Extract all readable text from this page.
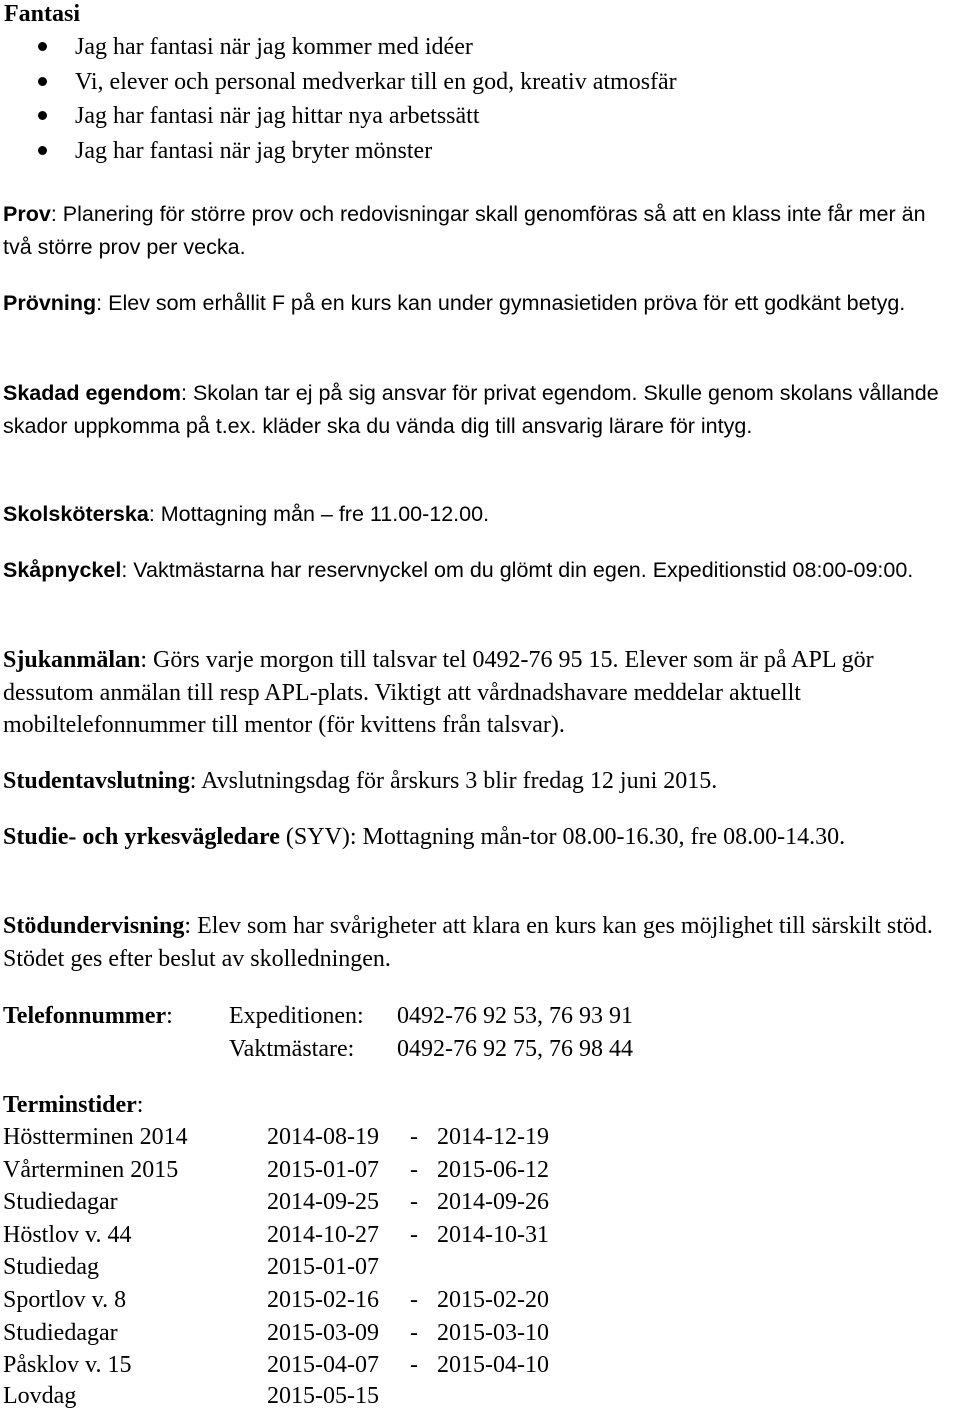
Fantasi
Jag har fantasi när jag kommer med idéer
Vi, elever och personal medverkar till en god, kreativ atmosfär
Jag har fantasi när jag hittar nya arbetssätt
Jag har fantasi när jag bryter mönster
Prov: Planering för större prov och redovisningar skall genomföras så att en klass inte får mer än två större prov per vecka.
Prövning: Elev som erhållit F på en kurs kan under gymnasietiden pröva för ett godkänt betyg.
Skadad egendom: Skolan tar ej på sig ansvar för privat egendom. Skulle genom skolans vållande skador uppkomma på t.ex. kläder ska du vända dig till ansvarig lärare för intyg.
Skolsköterska: Mottagning mån – fre 11.00-12.00.
Skåpnyckel: Vaktmästarna har reservnyckel om du glömt din egen. Expeditionstid 08:00-09:00.
Sjukanmälan: Görs varje morgon till talsvar tel 0492-76 95 15. Elever som är på APL gör dessutom anmälan till resp APL-plats. Viktigt att vårdnadshavare meddelar aktuellt mobiltelefonnummer till mentor (för kvittens från talsvar).
Studentavslutning: Avslutningsdag för årskurs 3 blir fredag 12 juni 2015.
Studie- och yrkesvägledare (SYV): Mottagning mån-tor 08.00-16.30, fre 08.00-14.30.
Stödundervisning: Elev som har svårigheter att klara en kurs kan ges möjlighet till särskilt stöd. Stödet ges efter beslut av skolledningen.
Telefonnummer: Expeditionen: 0492-76 92 53, 76 93 91
Vaktmästare: 0492-76 92 75, 76 98 44
Terminstider:
Höstterminen 2014	2014-08-19 - 2014-12-19
Vårterminen 2015	2015-01-07 - 2015-06-12
Studiedagar	2014-09-25 - 2014-09-26
Höstlov v. 44	2014-10-27 - 2014-10-31
Studiedag	2015-01-07
Sportlov v. 8	2015-02-16 - 2015-02-20
Studiedagar	2015-03-09 - 2015-03-10
Påsklov v. 15	2015-04-07 - 2015-04-10
Lovdag	2015-05-15
